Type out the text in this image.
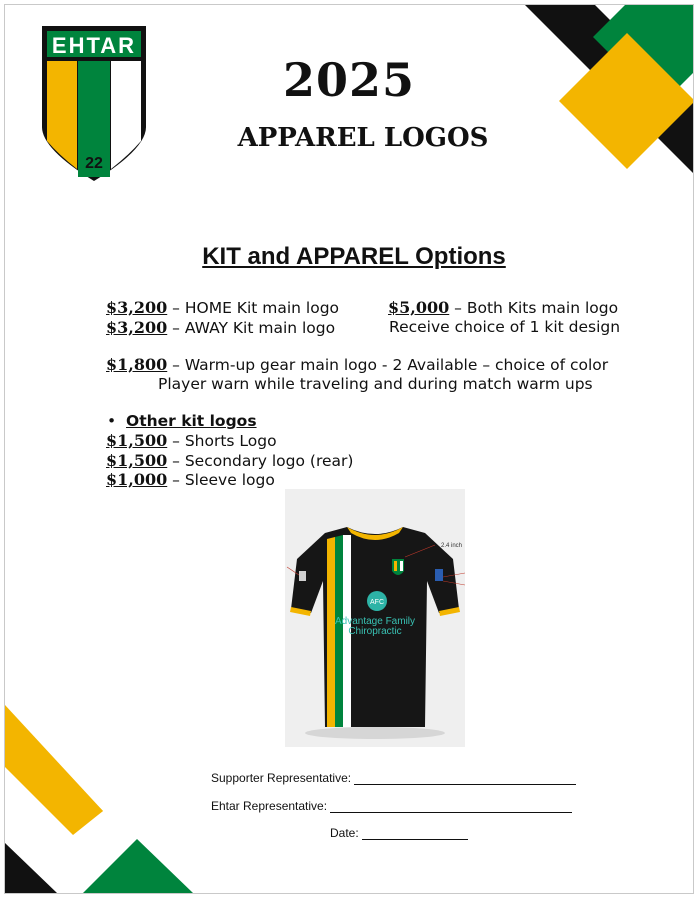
EHTAR
22
2025
APPAREL LOGOS
KIT and APPAREL Options
$3,200 – HOME Kit main logo
$3,200 – AWAY Kit main logo
$5,000 – Both Kits main logo
Receive choice of 1 kit design
$1,800 – Warm-up gear main logo - 2 Available – choice of color
Player warn while traveling and during match warm ups
• Other kit logos
$1,500 – Shorts Logo
$1,500 – Secondary logo (rear)
$1,000 – Sleeve logo
AFC
Advantage Family
Chiropractic
2.4 inch
Supporter Representative:
Ehtar Representative:
Date:
